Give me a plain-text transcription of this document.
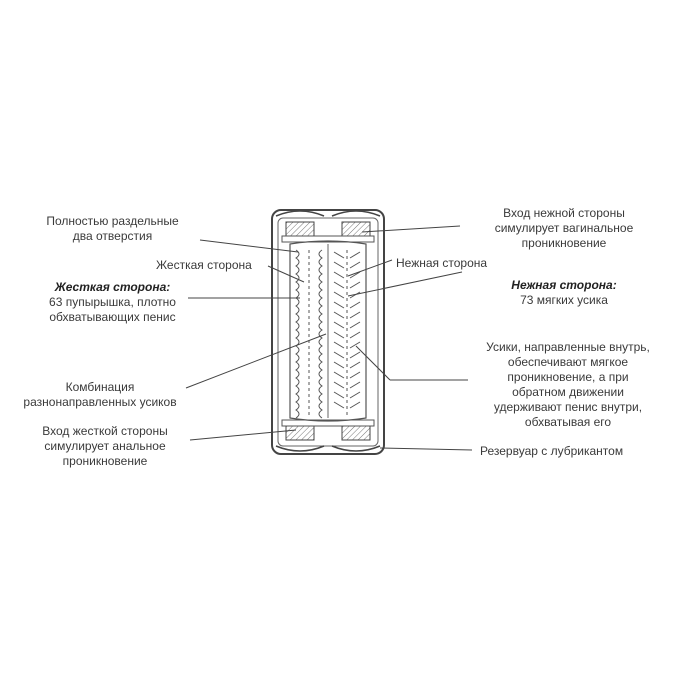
Полностью раздельные
два отверстия
Жесткая сторона
Жесткая сторона:
63 пупырышка, плотно
обхватывающих пенис
Комбинация
разнонаправленных усиков
Вход жесткой стороны
симулирует анальное
проникновение
Вход нежной стороны
симулирует вагинальное
проникновение
Нежная сторона
Нежная сторона:
73 мягких усика
Усики, направленные внутрь,
обеспечивают мягкое
проникновение, а при
обратном движении
удерживают пенис внутри,
обхватывая его
Резервуар с лубрикантом
